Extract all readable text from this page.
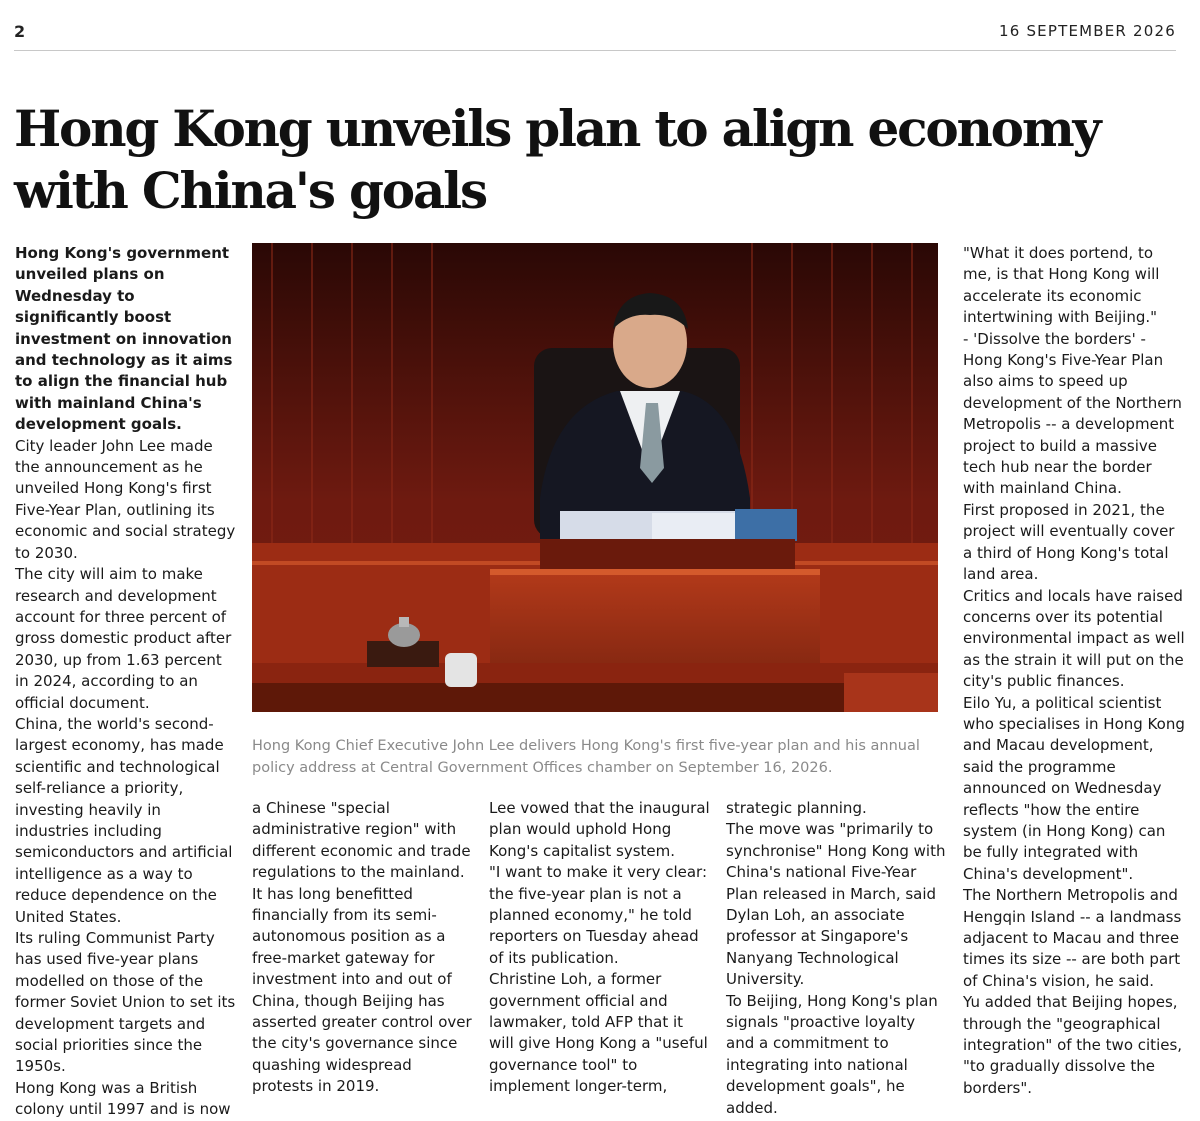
2	16 SEPTEMBER 2026
Hong Kong unveils plan to align economy with China's goals

Hong Kong's government unveiled plans on Wednesday to significantly boost investment on innovation and technology as it aims to align the financial hub with mainland China's development goals.

City leader John Lee made the announcement as he unveiled Hong Kong's first Five-Year Plan, outlining its economic and social strategy to 2030.

The city will aim to make research and development account for three percent of gross domestic product after 2030, up from 1.63 percent in 2024, according to an official document.

China, the world's second-largest economy, has made scientific and technological self-reliance a priority, investing heavily in industries including semiconductors and artificial intelligence as a way to reduce dependence on the United States.

Its ruling Communist Party has used five-year plans modelled on those of the former Soviet Union to set its development targets and social priorities since the 1950s.

Hong Kong was a British colony until 1997 and is now

Hong Kong Chief Executive John Lee delivers Hong Kong's first five-year plan and his annual policy address at Central Government Offices chamber on September 16, 2026.

a Chinese "special administrative region" with different economic and trade regulations to the mainland.

It has long benefitted financially from its semi-autonomous position as a free-market gateway for investment into and out of China, though Beijing has asserted greater control over the city's governance since quashing widespread protests in 2019.

Lee vowed that the inaugural plan would uphold Hong Kong's capitalist system.

"I want to make it very clear: the five-year plan is not a planned economy," he told reporters on Tuesday ahead of its publication.

Christine Loh, a former government official and lawmaker, told AFP that it will give Hong Kong a "useful governance tool" to implement longer-term,

strategic planning.

The move was "primarily to synchronise" Hong Kong with China's national Five-Year Plan released in March, said Dylan Loh, an associate professor at Singapore's Nanyang Technological University.

To Beijing, Hong Kong's plan signals "proactive loyalty and a commitment to integrating into national development goals", he added.

"What it does portend, to me, is that Hong Kong will accelerate its economic intertwining with Beijing."

- 'Dissolve the borders' -

Hong Kong's Five-Year Plan also aims to speed up development of the Northern Metropolis -- a development project to build a massive tech hub near the border with mainland China.

First proposed in 2021, the project will eventually cover a third of Hong Kong's total land area.

Critics and locals have raised concerns over its potential environmental impact as well as the strain it will put on the city's public finances.

Eilo Yu, a political scientist who specialises in Hong Kong and Macau development, said the programme announced on Wednesday reflects "how the entire system (in Hong Kong) can be fully integrated with China's development".

The Northern Metropolis and Hengqin Island -- a landmass adjacent to Macau and three times its size -- are both part of China's vision, he said.

Yu added that Beijing hopes, through the "geographical integration" of the two cities, "to gradually dissolve the borders".
